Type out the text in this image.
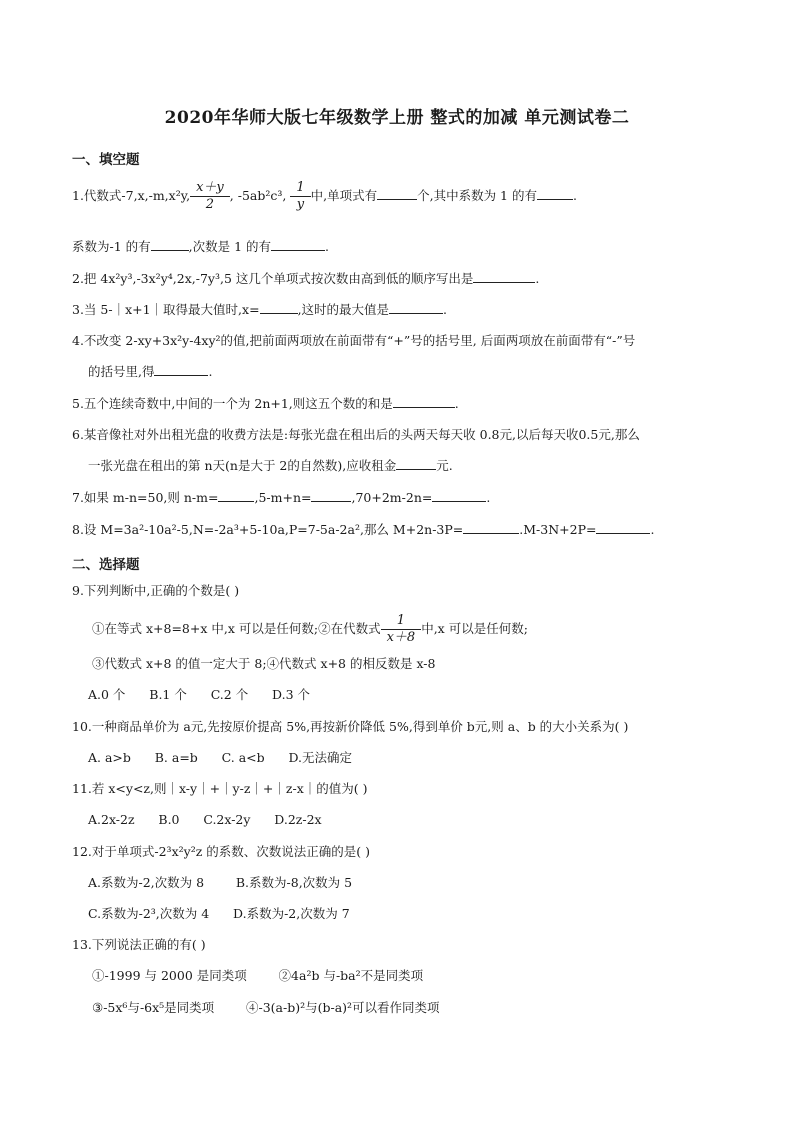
2020年华师大版七年级数学上册 整式的加减 单元测试卷二
一、填空题
1.代数式-7,x,-m,x²y, $\frac{x+y}{2}$ , -5ab²c³, $\frac{1}{y}$ 中,单项式有	个,其中系数为 1 的有	.
系数为-1 的有	,次数是 1 的有	.
2.把 4x²y³,-3x²y⁴,2x,-7y³,5 这几个单项式按次数由高到低的顺序写出是	.
3.当 5-｜x+1｜取得最大值时,x=	,这时的最大值是	.
4.不改变 2-xy+3x²y-4xy²的值,把前面两项放在前面带有“+”号的括号里, 后面两项放在前面带有“-”号
的括号里,得	.
5.五个连续奇数中,中间的一个为 2n+1,则这五个数的和是	.
6.某音像社对外出租光盘的收费方法是:每张光盘在租出后的头两天每天收 0.8元,以后每天收0.5元,那么
一张光盘在租出的第 n天(n是大于 2的自然数),应收租金	元.
7.如果 m-n=50,则 n-m=	,5-m+n=	,70+2m-2n=	.
8.设 M=3a²-10a²-5,N=-2a³+5-10a,P=7-5a-2a²,那么 M+2n-3P=	.M-3N+2P=	.
二、选择题
9.下列判断中,正确的个数是( )
①在等式 x+8=8+x 中,x 可以是任何数;②在代数式 $\frac{1}{x+8}$ 中,x 可以是任何数;
③代数式 x+8 的值一定大于 8;④代数式 x+8 的相反数是 x-8
A.0 个      B.1 个      C.2 个      D.3 个
10.一种商品单价为 a元,先按原价提高 5%,再按新价降低 5%,得到单价 b元,则 a、b 的大小关系为( )
A. a>b      B. a=b      C. a<b      D.无法确定
11.若 x<y<z,则｜x-y｜+｜y-z｜+｜z-x｜的值为( )
A.2x-2z      B.0      C.2x-2y      D.2z-2x
12.对于单项式-2³x²y²z 的系数、次数说法正确的是( )
A.系数为-2,次数为 8        B.系数为-8,次数为 5
C.系数为-2³,次数为 4      D.系数为-2,次数为 7
13.下列说法正确的有( )
①-1999 与 2000 是同类项        ②4a²b 与-ba²不是同类项
③-5x⁶与-6x⁵是同类项        ④-3(a-b)²与(b-a)²可以看作同类项
